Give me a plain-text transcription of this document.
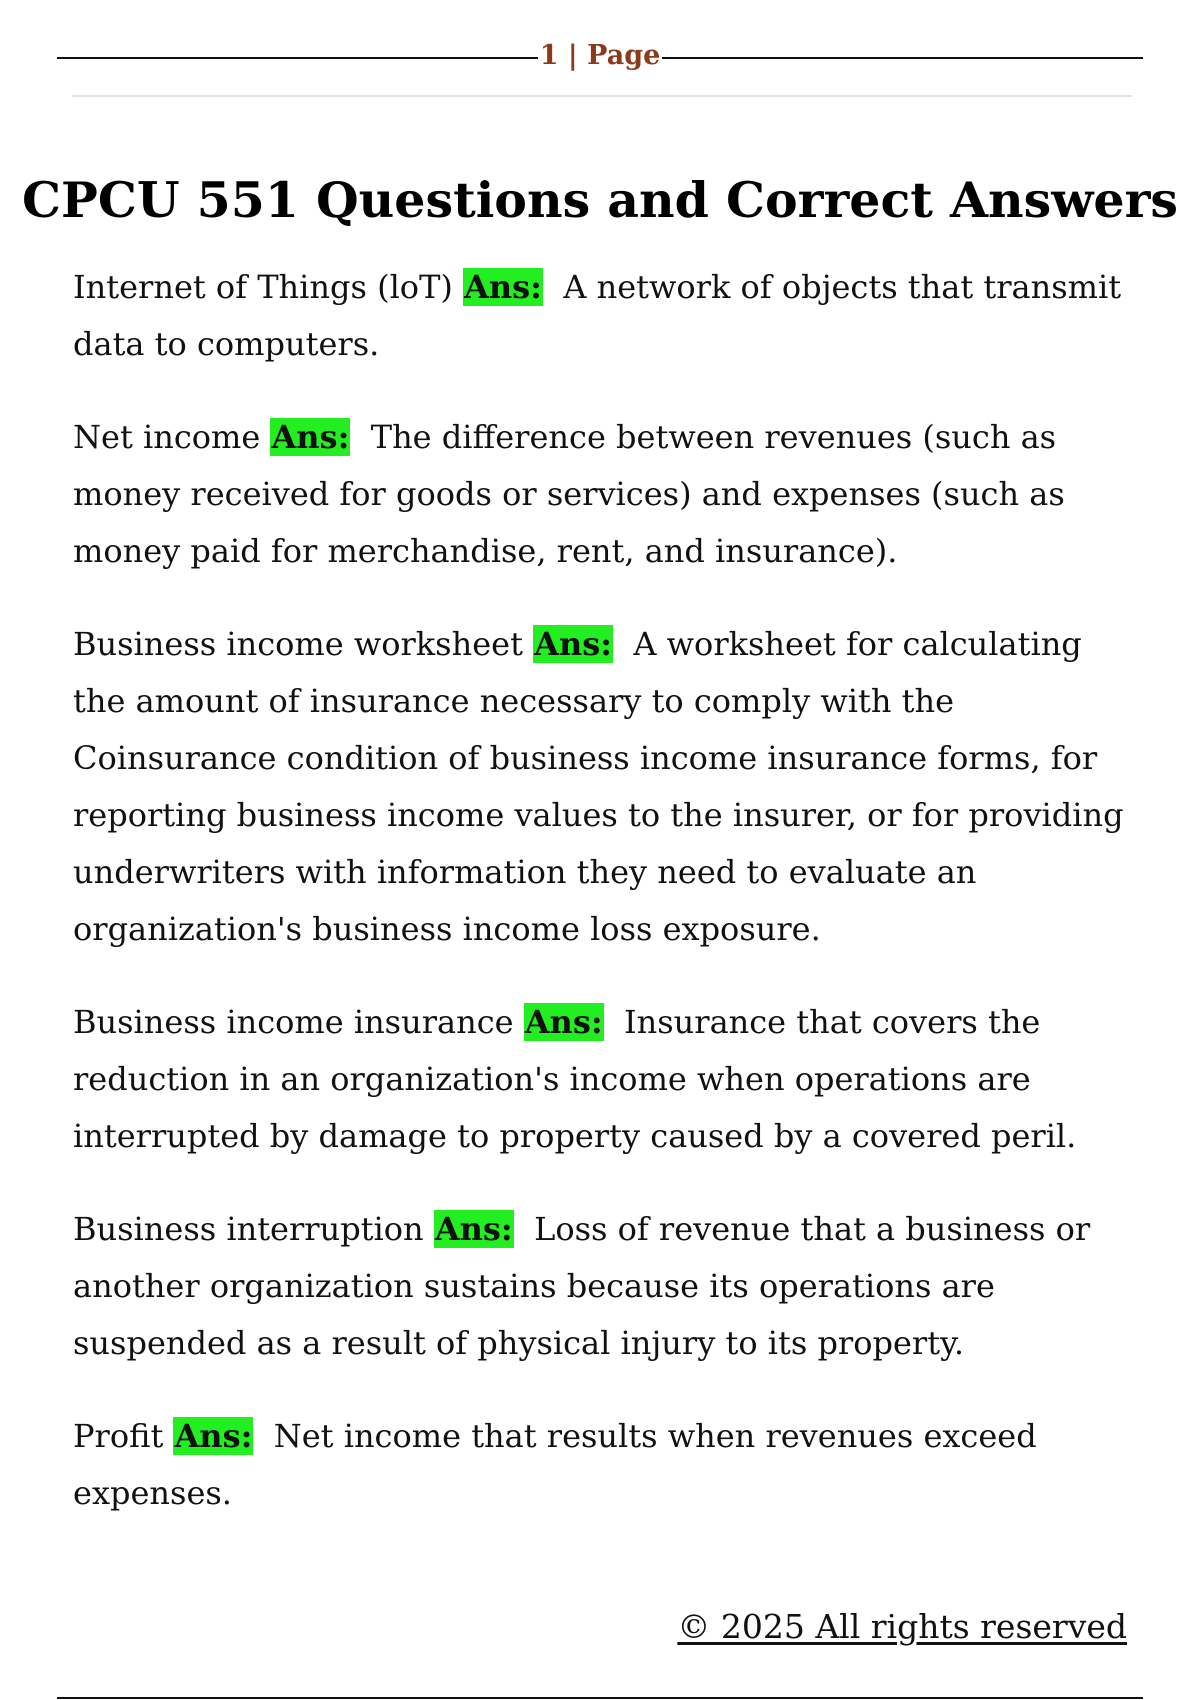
1 | Page
CPCU 551 Questions and Correct Answers

Internet of Things (loT) Ans: A network of objects that transmit data to computers.

Net income Ans: The difference between revenues (such as money received for goods or services) and expenses (such as money paid for merchandise, rent, and insurance).

Business income worksheet Ans: A worksheet for calculating the amount of insurance necessary to comply with the Coinsurance condition of business income insurance forms, for reporting business income values to the insurer, or for providing underwriters with information they need to evaluate an organization's business income loss exposure.

Business income insurance Ans: Insurance that covers the reduction in an organization's income when operations are interrupted by damage to property caused by a covered peril.

Business interruption Ans: Loss of revenue that a business or another organization sustains because its operations are suspended as a result of physical injury to its property.

Profit Ans: Net income that results when revenues exceed expenses.

© 2025 All rights reserved
